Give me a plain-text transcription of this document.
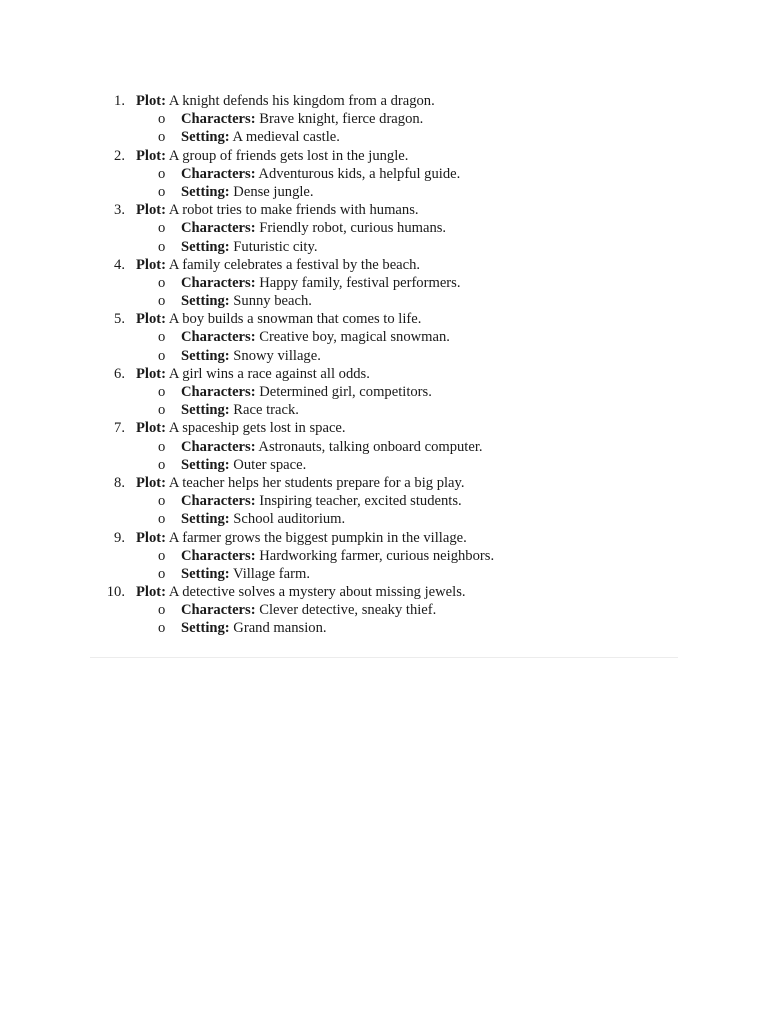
1. Plot: A knight defends his kingdom from a dragon.
o Characters: Brave knight, fierce dragon.
o Setting: A medieval castle.
2. Plot: A group of friends gets lost in the jungle.
o Characters: Adventurous kids, a helpful guide.
o Setting: Dense jungle.
3. Plot: A robot tries to make friends with humans.
o Characters: Friendly robot, curious humans.
o Setting: Futuristic city.
4. Plot: A family celebrates a festival by the beach.
o Characters: Happy family, festival performers.
o Setting: Sunny beach.
5. Plot: A boy builds a snowman that comes to life.
o Characters: Creative boy, magical snowman.
o Setting: Snowy village.
6. Plot: A girl wins a race against all odds.
o Characters: Determined girl, competitors.
o Setting: Race track.
7. Plot: A spaceship gets lost in space.
o Characters: Astronauts, talking onboard computer.
o Setting: Outer space.
8. Plot: A teacher helps her students prepare for a big play.
o Characters: Inspiring teacher, excited students.
o Setting: School auditorium.
9. Plot: A farmer grows the biggest pumpkin in the village.
o Characters: Hardworking farmer, curious neighbors.
o Setting: Village farm.
10. Plot: A detective solves a mystery about missing jewels.
o Characters: Clever detective, sneaky thief.
o Setting: Grand mansion.
